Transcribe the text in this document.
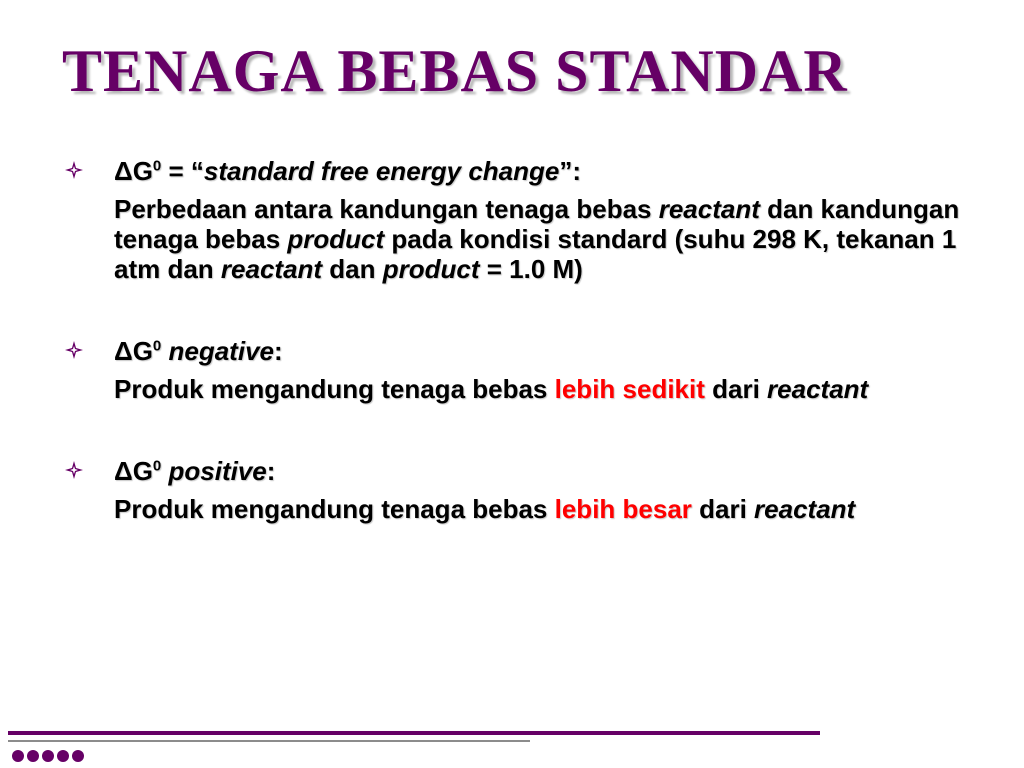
TENAGA BEBAS STANDAR
$\Delta G^0$ = “standard free energy change”:
Perbedaan antara kandungan tenaga bebas reactant dan kandungan tenaga bebas product pada kondisi standard (suhu 298 K, tekanan 1 atm dan reactant dan product = 1.0 M)
$\Delta G^0$ negative:
Produk mengandung tenaga bebas lebih sedikit dari reactant
$\Delta G^0$ positive:
Produk mengandung tenaga bebas lebih besar dari reactant
